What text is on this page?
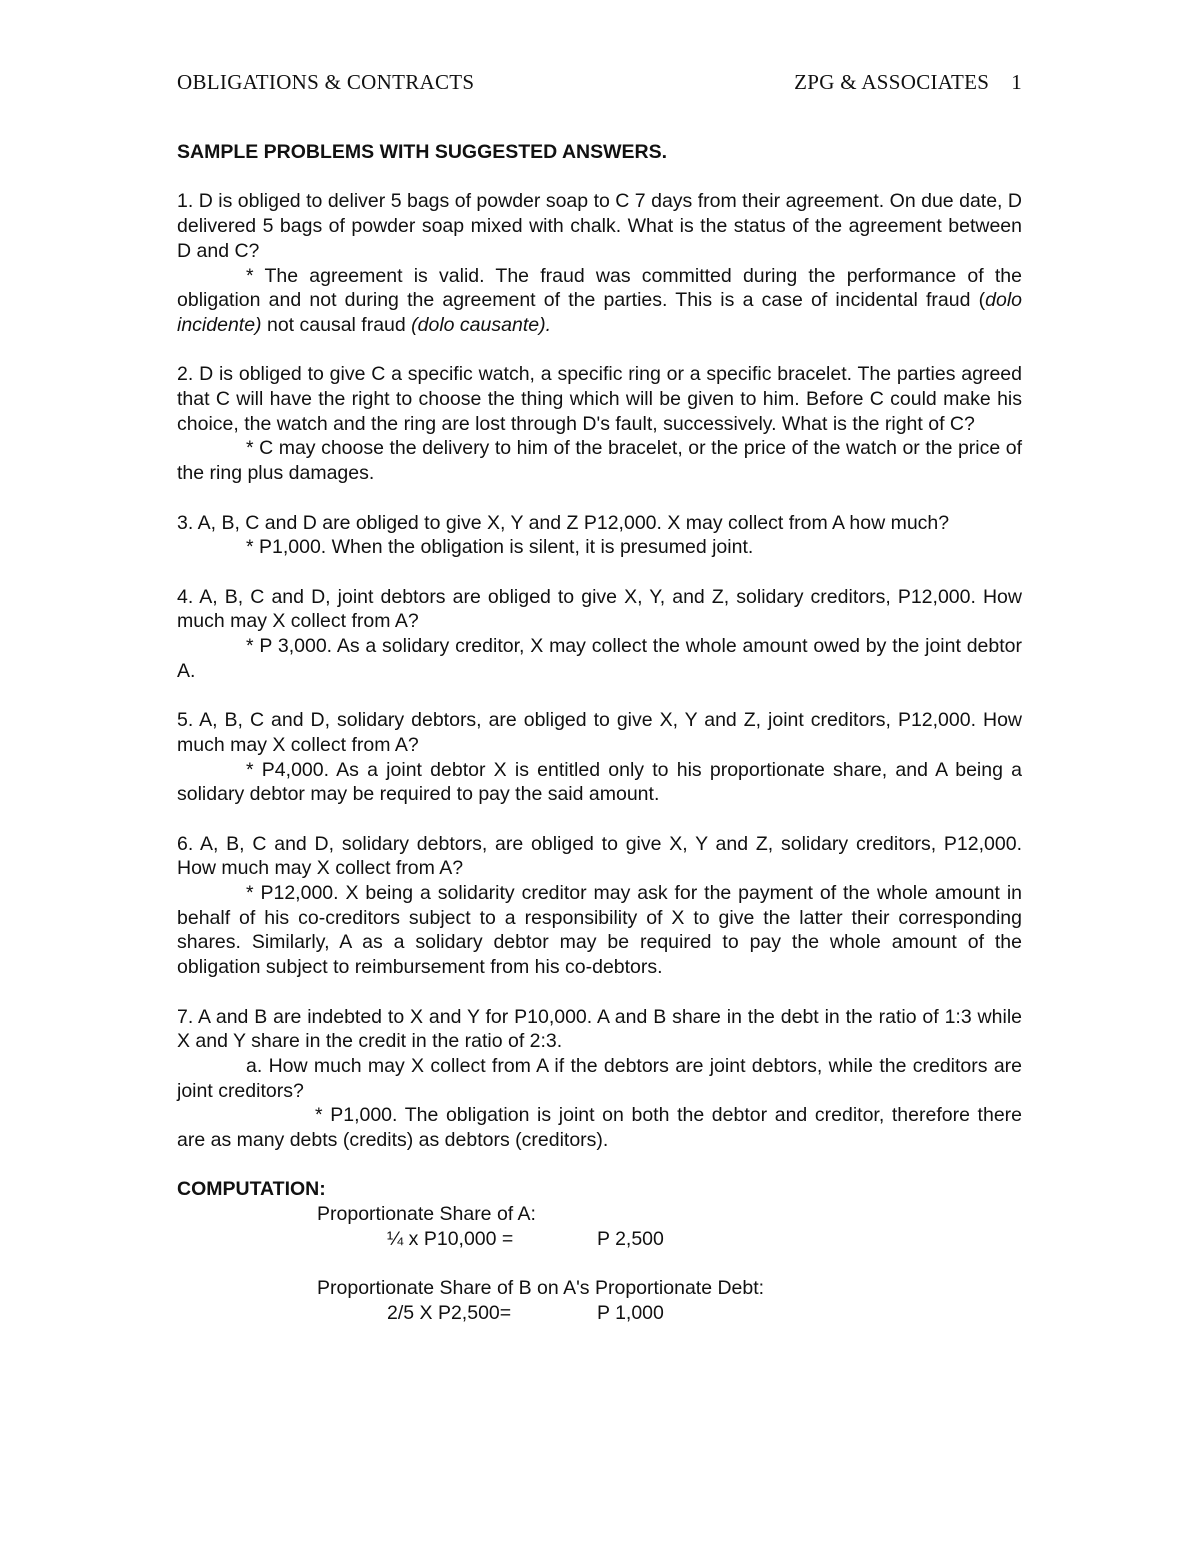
OBLIGATIONS & CONTRACTS	ZPG & ASSOCIATES 1

SAMPLE PROBLEMS WITH SUGGESTED ANSWERS.

1. D is obliged to deliver 5 bags of powder soap to C 7 days from their agreement. On due date, D delivered 5 bags of powder soap mixed with chalk. What is the status of the agreement between D and C?

* The agreement is valid. The fraud was committed during the performance of the obligation and not during the agreement of the parties. This is a case of incidental fraud (dolo incidente) not causal fraud (dolo causante).

2. D is obliged to give C a specific watch, a specific ring or a specific bracelet. The parties agreed that C will have the right to choose the thing which will be given to him. Before C could make his choice, the watch and the ring are lost through D's fault, successively. What is the right of C?

* C may choose the delivery to him of the bracelet, or the price of the watch or the price of the ring plus damages.

3. A, B, C and D are obliged to give X, Y and Z P12,000. X may collect from A how much?

* P1,000. When the obligation is silent, it is presumed joint.

4. A, B, C and D, joint debtors are obliged to give X, Y, and Z, solidary creditors, P12,000. How much may X collect from A?

* P 3,000. As a solidary creditor, X may collect the whole amount owed by the joint debtor A.

5. A, B, C and D, solidary debtors, are obliged to give X, Y and Z, joint creditors, P12,000. How much may X collect from A?

* P4,000. As a joint debtor X is entitled only to his proportionate share, and A being a solidary debtor may be required to pay the said amount.

6. A, B, C and D, solidary debtors, are obliged to give X, Y and Z, solidary creditors, P12,000. How much may X collect from A?

* P12,000. X being a solidarity creditor may ask for the payment of the whole amount in behalf of his co-creditors subject to a responsibility of X to give the latter their corresponding shares. Similarly, A as a solidary debtor may be required to pay the whole amount of the obligation subject to reimbursement from his co-debtors.

7. A and B are indebted to X and Y for P10,000. A and B share in the debt in the ratio of 1:3 while X and Y share in the credit in the ratio of 2:3.

a. How much may X collect from A if the debtors are joint debtors, while the creditors are joint creditors?

* P1,000. The obligation is joint on both the debtor and creditor, therefore there are as many debts (credits) as debtors (creditors).

COMPUTATION:

Proportionate Share of A:

¼ x P10,000 =	P 2,500

Proportionate Share of B on A's Proportionate Debt:

2/5 X P2,500=	P 1,000
